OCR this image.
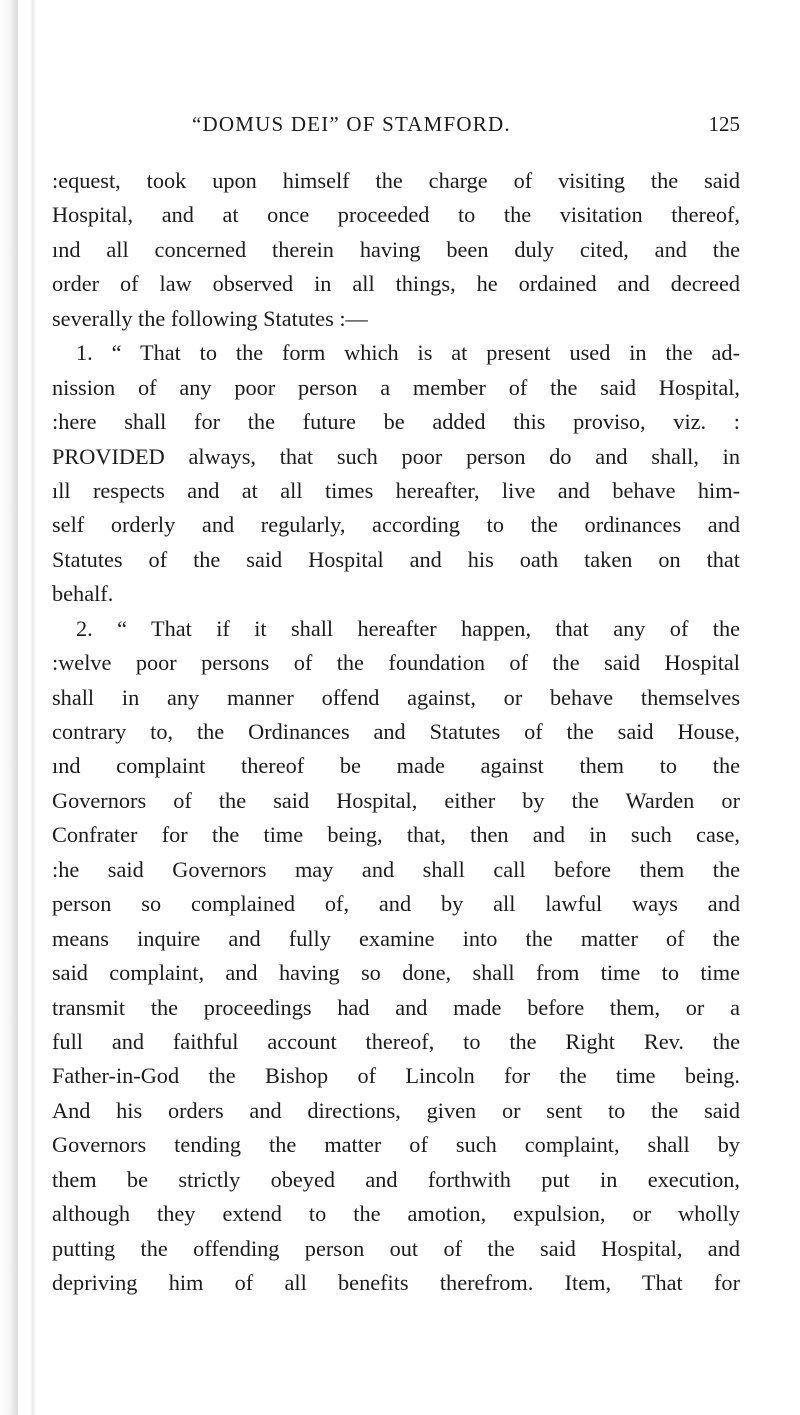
“DOMUS DEI” OF STAMFORD.	125
:equest, took upon himself the charge of visiting the said
Hospital, and at once proceeded to the visitation thereof,
ınd all concerned therein having been duly cited, and the
order of law observed in all things, he ordained and decreed
severally the following Statutes :—
1. “ That to the form which is at present used in the ad-
nission of any poor person a member of the said Hospital,
:here shall for the future be added this proviso, viz. :
PROVIDED always, that such poor person do and shall, in
ıll respects and at all times hereafter, live and behave him-
self orderly and regularly, according to the ordinances and
Statutes of the said Hospital and his oath taken on that
behalf.
2. “ That if it shall hereafter happen, that any of the
:welve poor persons of the foundation of the said Hospital
shall in any manner offend against, or behave themselves
contrary to, the Ordinances and Statutes of the said House,
ınd complaint thereof be made against them to the
Governors of the said Hospital, either by the Warden or
Confrater for the time being, that, then and in such case,
:he said Governors may and shall call before them the
person so complained of, and by all lawful ways and
means inquire and fully examine into the matter of the
said complaint, and having so done, shall from time to time
transmit the proceedings had and made before them, or a
full and faithful account thereof, to the Right Rev. the
Father-in-God the Bishop of Lincoln for the time being.
And his orders and directions, given or sent to the said
Governors tending the matter of such complaint, shall by
them be strictly obeyed and forthwith put in execution,
although they extend to the amotion, expulsion, or wholly
putting the offending person out of the said Hospital, and
depriving him of all benefits therefrom. Item, That for
